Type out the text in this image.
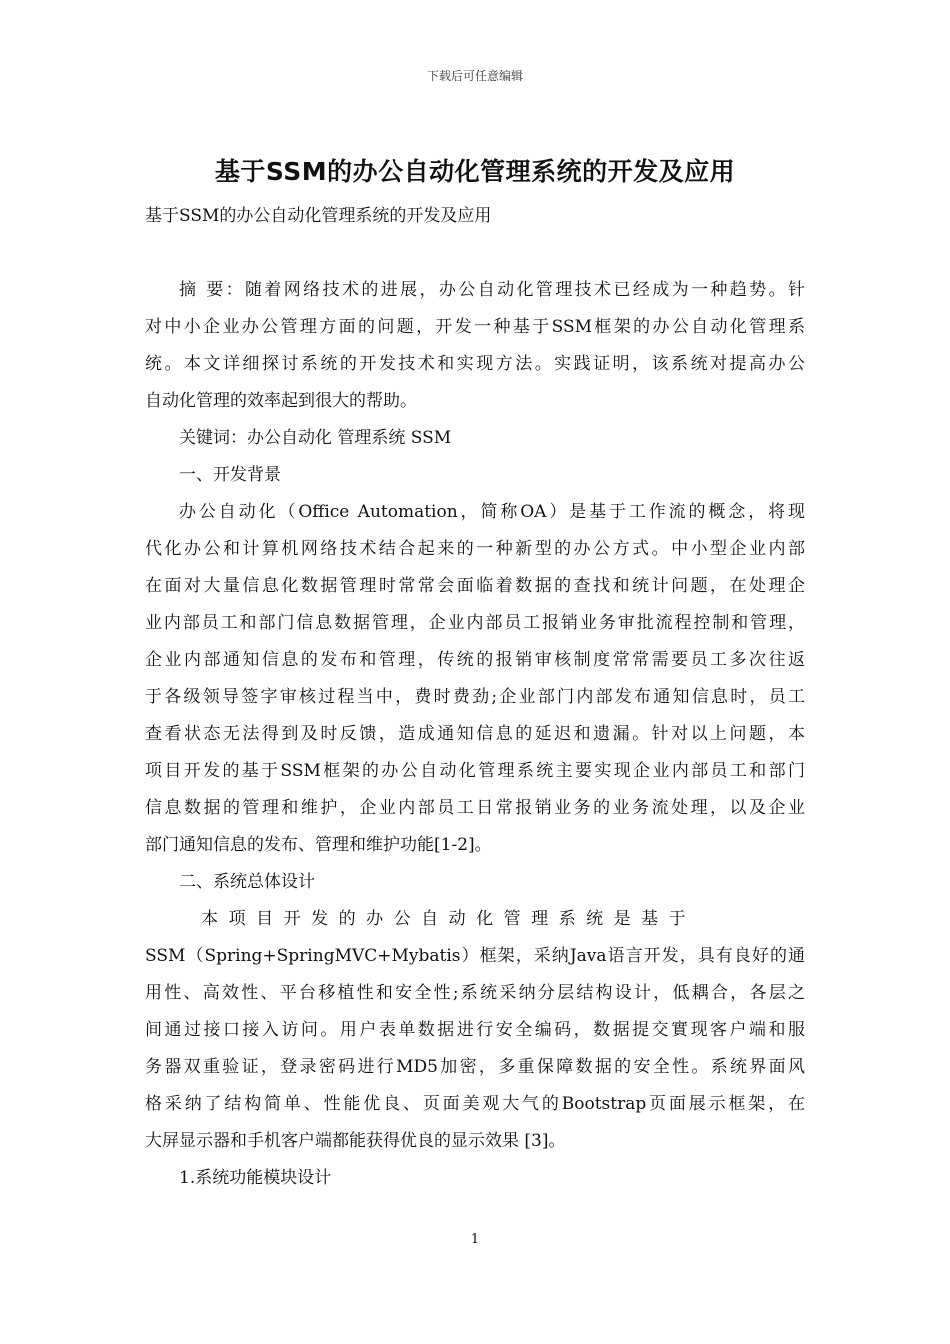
下载后可任意编辑
基于SSM的办公自动化管理系统的开发及应用

基于SSM的办公自动化管理系统的开发及应用

摘 要：随着网络技术的进展，办公自动化管理技术已经成为一种趋势。针

对中小企业办公管理方面的问题，开发一种基于SSM框架的办公自动化管理系

统。本文详细探讨系统的开发技术和实现方法。实践证明，该系统对提高办公

自动化管理的效率起到很大的帮助。

关键词：办公自动化 管理系统 SSM

一、开发背景

办公自动化（Office Automation，简称OA）是基于工作流的概念，将现

代化办公和计算机网络技术结合起来的一种新型的办公方式。中小型企业内部

在面对大量信息化数据管理时常常会面临着数据的查找和统计问题，在处理企

业内部员工和部门信息数据管理，企业内部员工报销业务审批流程控制和管理，

企业内部通知信息的发布和管理，传统的报销审核制度常常需要员工多次往返

于各级领导签字审核过程当中，费时费劲;企业部门内部发布通知信息时，员工

查看状态无法得到及时反馈，造成通知信息的延迟和遗漏。针对以上问题，本

项目开发的基于SSM框架的办公自动化管理系统主要实现企业内部员工和部门

信息数据的管理和维护，企业内部员工日常报销业务的业务流处理，以及企业

部门通知信息的发布、管理和维护功能[1-2]。

二、系统总体设计

本项目开发的办公自动化管理系统是基于

SSM（Spring+SpringMVC+Mybatis）框架，采纳Java语言开发，具有良好的通

用性、高效性、平台移植性和安全性;系统采纳分层结构设计，低耦合，各层之

间通过接口接入访问。用户表单数据进行安全编码，数据提交實现客户端和服

务器双重验证，登录密码进行MD5加密，多重保障数据的安全性。系统界面风

格采纳了结构简单、性能优良、页面美观大气的Bootstrap页面展示框架，在

大屏显示器和手机客户端都能获得优良的显示效果 [3]。

1.系统功能模块设计

1
